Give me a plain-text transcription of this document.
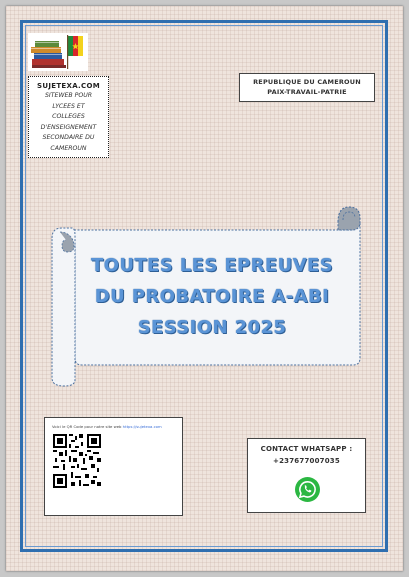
SUJETEXA.COM
SITEWEB POUR
LYCEES ET
COLLEGES
D'ENSEIGNEMENT
SECONDAIRE DU
CAMEROUN
REPUBLIQUE DU CAMEROUN
PAIX-TRAVAIL-PATRIE
TOUTES LES EPREUVES
DU PROBATOIRE A-ABI
SESSION 2025
Voici le QR Code pour notre site web https://sujetexa.com
CONTACT WHATSAPP :
+237677007035
